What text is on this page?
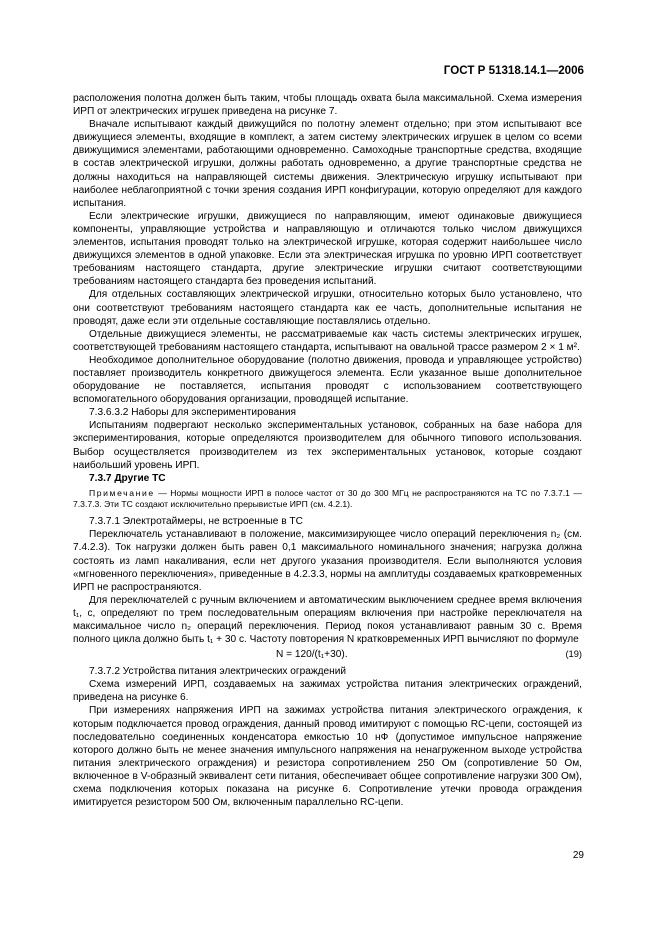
ГОСТ Р 51318.14.1—2006

расположения полотна должен быть таким, чтобы площадь охвата была максимальной. Схема измерения ИРП от электрических игрушек приведена на рисунке 7.

Вначале испытывают каждый движущийся по полотну элемент отдельно; при этом испытывают все движущиеся элементы, входящие в комплект, а затем систему электрических игрушек в целом со всеми движущимися элементами, работающими одновременно. Самоходные транспортные средства, входящие в состав электрической игрушки, должны работать одновременно, а другие транспортные средства не должны находиться на направляющей системы движения. Электрическую игрушку испытывают при наиболее неблагоприятной с точки зрения создания ИРП конфигурации, которую определяют для каждого испытания.

Если электрические игрушки, движущиеся по направляющим, имеют одинаковые движущиеся компоненты, управляющие устройства и направляющую и отличаются только числом движущихся элементов, испытания проводят только на электрической игрушке, которая содержит наибольшее число движущихся элементов в одной упаковке. Если эта электрическая игрушка по уровню ИРП соответствует требованиям настоящего стандарта, другие электрические игрушки считают соответствующими требованиям настоящего стандарта без проведения испытаний.

Для отдельных составляющих электрической игрушки, относительно которых было установлено, что они соответствуют требованиям настоящего стандарта как ее часть, дополнительные испытания не проводят, даже если эти отдельные составляющие поставлялись отдельно.

Отдельные движущиеся элементы, не рассматриваемые как часть системы электрических игрушек, соответствующей требованиям настоящего стандарта, испытывают на овальной трассе размером 2 × 1 м².

Необходимое дополнительное оборудование (полотно движения, провода и управляющее устройство) поставляет производитель конкретного движущегося элемента. Если указанное выше дополнительное оборудование не поставляется, испытания проводят с использованием соответствующего вспомогательного оборудования организации, проводящей испытание.

7.3.6.3.2 Наборы для экспериментирования

Испытаниям подвергают несколько экспериментальных установок, собранных на базе набора для экспериментирования, которые определяются производителем для обычного типового использования. Выбор осуществляется производителем из тех экспериментальных установок, которые создают наибольший уровень ИРП.

7.3.7 Другие ТС

Примечание — Нормы мощности ИРП в полосе частот от 30 до 300 МГц не распространяются на ТС по 7.3.7.1 — 7.3.7.3. Эти ТС создают исключительно прерывистые ИРП (см. 4.2.1).

7.3.7.1 Электротаймеры, не встроенные в ТС

Переключатель устанавливают в положение, максимизирующее число операций переключения n₂ (см. 7.4.2.3). Ток нагрузки должен быть равен 0,1 максимального номинального значения; нагрузка должна состоять из ламп накаливания, если нет другого указания производителя. Если выполняются условия «мгновенного переключения», приведенные в 4.2.3.3, нормы на амплитуды создаваемых кратковременных ИРП не распространяются.

Для переключателей с ручным включением и автоматическим выключением среднее время включения t₁, с, определяют по трем последовательным операциям включения при настройке переключателя на максимальное число n₂ операций переключения. Период покоя устанавливают равным 30 с. Время полного цикла должно быть t₁ + 30 с. Частоту повторения N кратковременных ИРП вычисляют по формуле

N = 120/(t₁+30).	(19)

7.3.7.2 Устройства питания электрических ограждений

Схема измерений ИРП, создаваемых на зажимах устройства питания электрических ограждений, приведена на рисунке 6.

При измерениях напряжения ИРП на зажимах устройства питания электрического ограждения, к которым подключается провод ограждения, данный провод имитируют с помощью RC-цепи, состоящей из последовательно соединенных конденсатора емкостью 10 нФ (допустимое импульсное напряжение которого должно быть не менее значения импульсного напряжения на ненагруженном выходе устройства питания электрического ограждения) и резистора сопротивлением 250 Ом (сопротивление 50 Ом, включенное в V-образный эквивалент сети питания, обеспечивает общее сопротивление нагрузки 300 Ом), схема подключения которых показана на рисунке 6. Сопротивление утечки провода ограждения имитируется резистором 500 Ом, включенным параллельно RC-цепи.

29
